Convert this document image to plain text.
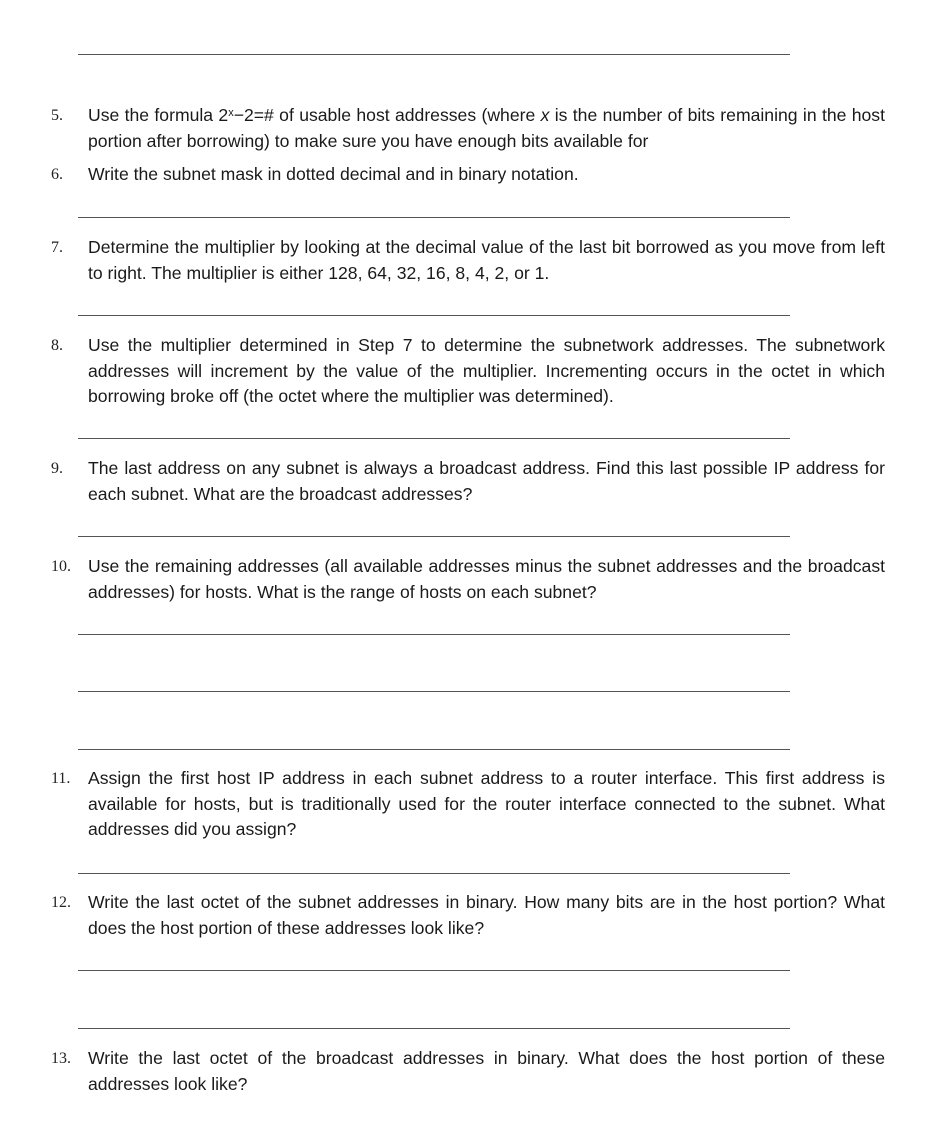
5.	Use the formula $2^x-2=\#$ of usable host addresses (where x is the number of bits remaining in the host portion after borrowing) to make sure you have enough bits available for

6.	Write the subnet mask in dotted decimal and in binary notation.

7.	Determine the multiplier by looking at the decimal value of the last bit borrowed as you move from left to right. The multiplier is either 128, 64, 32, 16, 8, 4, 2, or 1.

8.	Use the multiplier determined in Step 7 to determine the subnetwork addresses. The subnetwork addresses will increment by the value of the multiplier. Incrementing occurs in the octet in which borrowing broke off (the octet where the multiplier was determined).

9.	The last address on any subnet is always a broadcast address. Find this last possible IP address for each subnet. What are the broadcast addresses?

10. Use the remaining addresses (all available addresses minus the subnet addresses and the broadcast addresses) for hosts. What is the range of hosts on each subnet?

11. Assign the first host IP address in each subnet address to a router interface. This first address is available for hosts, but is traditionally used for the router interface connected to the subnet. What addresses did you assign?

12. Write the last octet of the subnet addresses in binary. How many bits are in the host portion? What does the host portion of these addresses look like?

13. Write the last octet of the broadcast addresses in binary. What does the host portion of these addresses look like?
